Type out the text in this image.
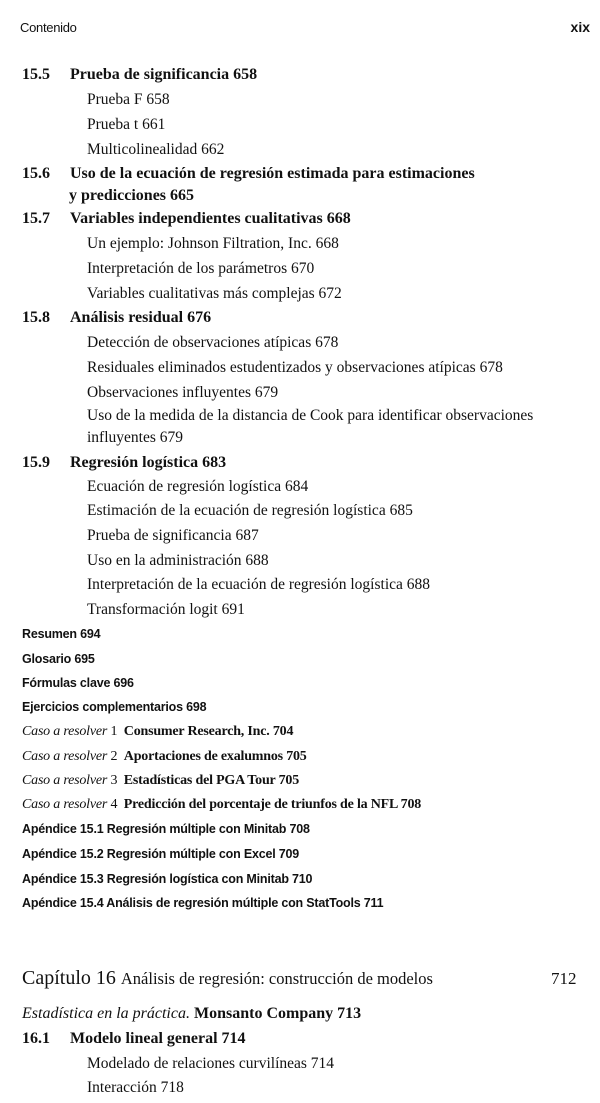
Contenido	xix
15.5 Prueba de significancia 658
Prueba F 658
Prueba t 661
Multicolinealidad 662
15.6 Uso de la ecuación de regresión estimada para estimaciones
y predicciones 665
15.7 Variables independientes cualitativas 668
Un ejemplo: Johnson Filtration, Inc. 668
Interpretación de los parámetros 670
Variables cualitativas más complejas 672
15.8 Análisis residual 676
Detección de observaciones atípicas 678
Residuales eliminados estudentizados y observaciones atípicas 678
Observaciones influyentes 679
Uso de la medida de la distancia de Cook para identificar observaciones
influyentes 679
15.9 Regresión logística 683
Ecuación de regresión logística 684
Estimación de la ecuación de regresión logística 685
Prueba de significancia 687
Uso en la administración 688
Interpretación de la ecuación de regresión logística 688
Transformación logit 691
Resumen 694
Glosario 695
Fórmulas clave 696
Ejercicios complementarios 698
Caso a resolver 1 Consumer Research, Inc. 704
Caso a resolver 2 Aportaciones de exalumnos 705
Caso a resolver 3 Estadísticas del PGA Tour 705
Caso a resolver 4 Predicción del porcentaje de triunfos de la NFL 708
Apéndice 15.1 Regresión múltiple con Minitab 708
Apéndice 15.2 Regresión múltiple con Excel 709
Apéndice 15.3 Regresión logística con Minitab 710
Apéndice 15.4 Análisis de regresión múltiple con StatTools 711
Capítulo 16 Análisis de regresión: construcción de modelos	712
Estadística en la práctica. Monsanto Company 713
16.1 Modelo lineal general 714
Modelado de relaciones curvilíneas 714
Interacción 718
